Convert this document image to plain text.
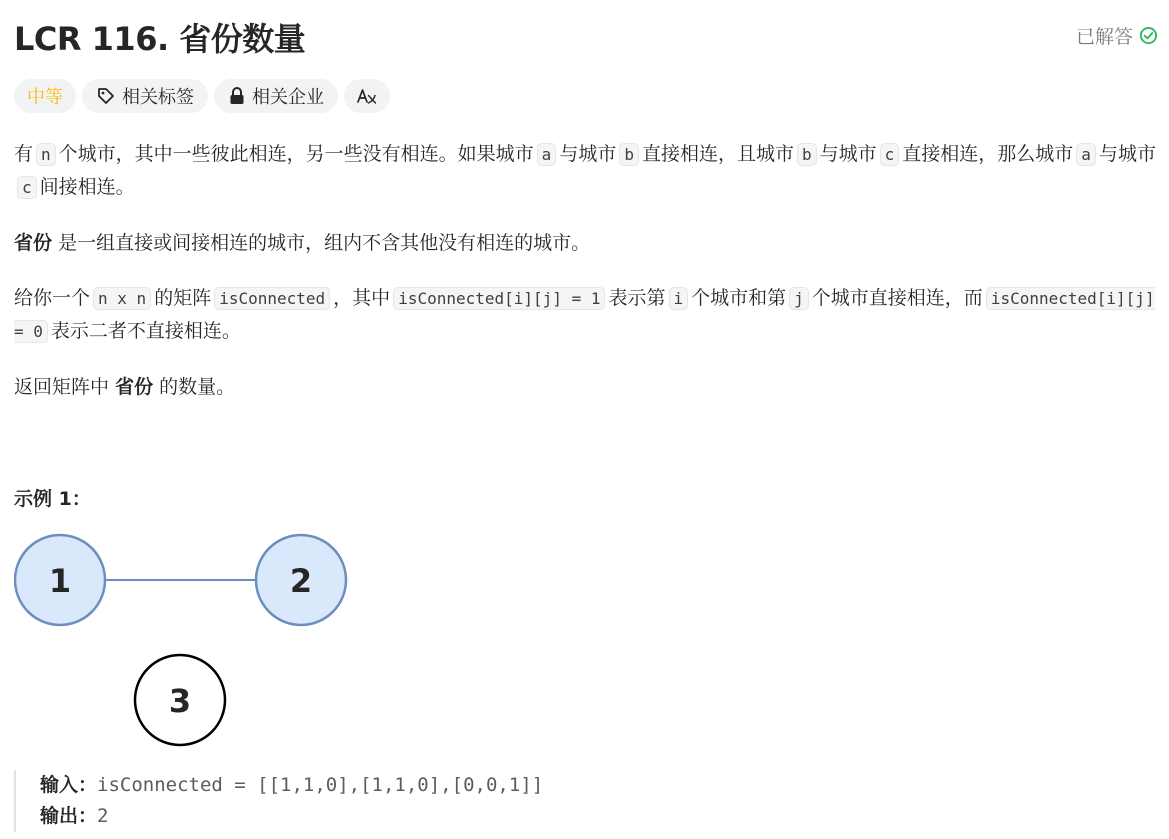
LCR 116. 省份数量	已解答
中等	相关标签	相关企业

有 n 个城市，其中一些彼此相连，另一些没有相连。如果城市 a 与城市 b 直接相连，且城市 b 与城市 c 直接相连，那么城市 a 与城市c 间接相连。

省份 是一组直接或间接相连的城市，组内不含其他没有相连的城市。

给你一个 n x n 的矩阵 isConnected ，其中 isConnected[i][j] = 1 表示第 i 个城市和第 j 个城市直接相连，而 isConnected[i][j] = 0 表示二者不直接相连。

返回矩阵中 省份 的数量。

示例 1：
1	2
3
输入：isConnected = [[1,1,0],[1,1,0],[0,0,1]]
输出：2
